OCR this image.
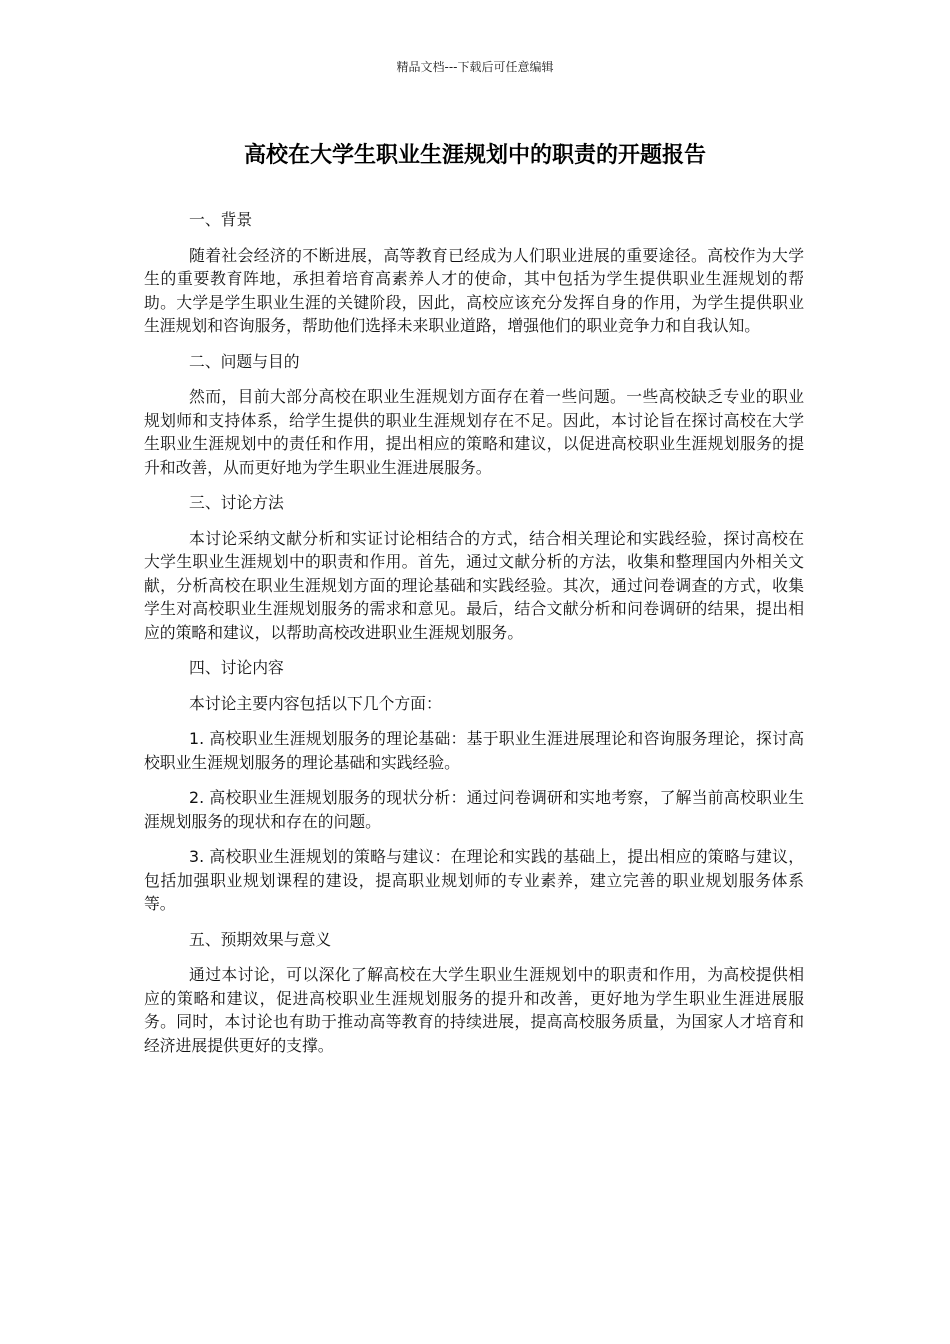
精品文档---下载后可任意编辑
高校在大学生职业生涯规划中的职责的开题报告

一、背景

随着社会经济的不断进展，高等教育已经成为人们职业进展的重要途径。高校作为大学生的重要教育阵地，承担着培育高素养人才的使命，其中包括为学生提供职业生涯规划的帮助。大学是学生职业生涯的关键阶段，因此，高校应该充分发挥自身的作用，为学生提供职业生涯规划和咨询服务，帮助他们选择未来职业道路，增强他们的职业竞争力和自我认知。

二、问题与目的

然而，目前大部分高校在职业生涯规划方面存在着一些问题。一些高校缺乏专业的职业规划师和支持体系，给学生提供的职业生涯规划存在不足。因此，本讨论旨在探讨高校在大学生职业生涯规划中的责任和作用，提出相应的策略和建议，以促进高校职业生涯规划服务的提升和改善，从而更好地为学生职业生涯进展服务。

三、讨论方法

本讨论采纳文献分析和实证讨论相结合的方式，结合相关理论和实践经验，探讨高校在大学生职业生涯规划中的职责和作用。首先，通过文献分析的方法，收集和整理国内外相关文献，分析高校在职业生涯规划方面的理论基础和实践经验。其次，通过问卷调查的方式，收集学生对高校职业生涯规划服务的需求和意见。最后，结合文献分析和问卷调研的结果，提出相应的策略和建议，以帮助高校改进职业生涯规划服务。

四、讨论内容

本讨论主要内容包括以下几个方面：

1. 高校职业生涯规划服务的理论基础：基于职业生涯进展理论和咨询服务理论，探讨高校职业生涯规划服务的理论基础和实践经验。

2. 高校职业生涯规划服务的现状分析：通过问卷调研和实地考察，了解当前高校职业生涯规划服务的现状和存在的问题。

3. 高校职业生涯规划的策略与建议：在理论和实践的基础上，提出相应的策略与建议，包括加强职业规划课程的建设，提高职业规划师的专业素养，建立完善的职业规划服务体系等。

五、预期效果与意义

通过本讨论，可以深化了解高校在大学生职业生涯规划中的职责和作用，为高校提供相应的策略和建议，促进高校职业生涯规划服务的提升和改善，更好地为学生职业生涯进展服务。同时，本讨论也有助于推动高等教育的持续进展，提高高校服务质量，为国家人才培育和经济进展提供更好的支撑。
